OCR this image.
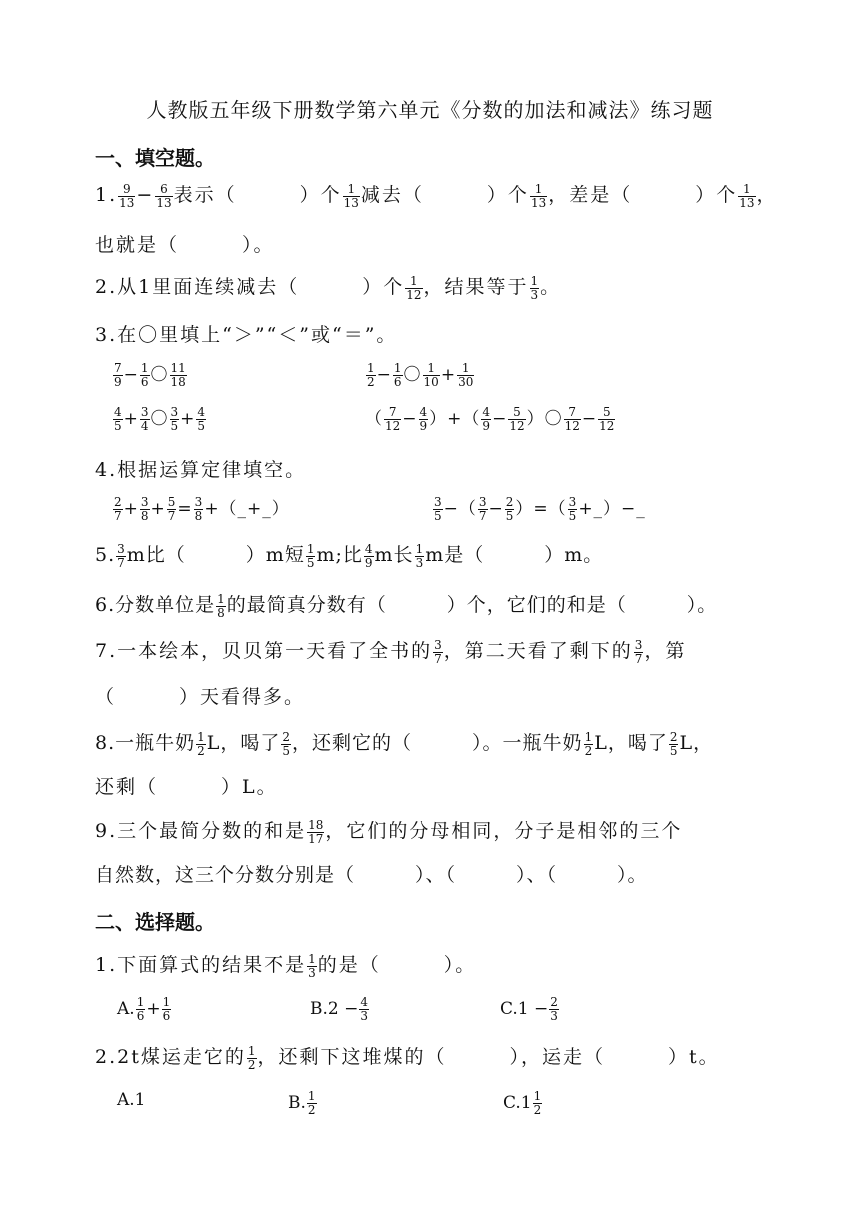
人教版五年级下册数学第六单元《分数的加法和减法》练习题
一、填空题。
1. $\frac{9}{13} - \frac{6}{13}$ 表示（　　　）个 $\frac{1}{13}$ 减去（　　　）个 $\frac{1}{13}$ ，差是（　　　）个 $\frac{1}{13}$ ，
也就是（　　　）。
2.从1里面连续减去（　　　）个 $\frac{1}{12}$ ，结果等于 $\frac{1}{3}$ 。
3.在〇里填上“＞”“＜”或“＝”。
$\frac{7}{9} - \frac{1}{6}$ 〇 $\frac{11}{18}$	$\frac{1}{2} - \frac{1}{6}$ 〇 $\frac{1}{10} + \frac{1}{30}$
$\frac{4}{5} + \frac{3}{4}$ 〇 $\frac{3}{5} + \frac{4}{5}$	（ $\frac{7}{12} - \frac{4}{9}$ ）+（ $\frac{4}{9} - \frac{5}{12}$ ）〇 $\frac{7}{12} - \frac{5}{12}$
4.根据运算定律填空。
$\frac{2}{7} + \frac{3}{8} + \frac{5}{7} = \frac{3}{8}$ +（_+_）	$\frac{3}{5}$ −（ $\frac{3}{7} - \frac{2}{5}$ ）=（ $\frac{3}{5}$ +_）−_
5. $\frac{3}{7}$ m比（　　　）m短 $\frac{1}{5} m$;比 $\frac{4}{9}$ m长 $\frac{1}{3}$ m是（　　　）m。
6.分数单位是 $\frac{1}{8}$ 的最简真分数有（　　　）个，它们的和是（　　　）。
7.一本绘本，贝贝第一天看了全书的 $\frac{3}{7}$ ，第二天看了剩下的 $\frac{3}{7}$ ，第
（　　　）天看得多。
8.一瓶牛奶 $\frac{1}{2}$ L，喝了 $\frac{2}{5}$ ，还剩它的（　　　）。一瓶牛奶 $\frac{1}{2}$ L，喝了 $\frac{2}{5}$ L，
还剩（　　　）L。
9.三个最简分数的和是 $\frac{18}{17}$ ，它们的分母相同，分子是相邻的三个
自然数，这三个分数分别是（　　　）、（　　　）、（　　　）。
二、选择题。
1.下面算式的结果不是 $\frac{1}{3}$ 的是（　　　）。
A. $\frac{1}{6} + \frac{1}{6}$	$B.2 - \frac{4}{3}$	$C.1 - \frac{2}{3}$
2.2t煤运走它的 $\frac{1}{2}$ ，还剩下这堆煤的（　　　），运走（　　　）t。
A.1	B. $\frac{1}{2}$	$C.1 \frac{1}{2}$
